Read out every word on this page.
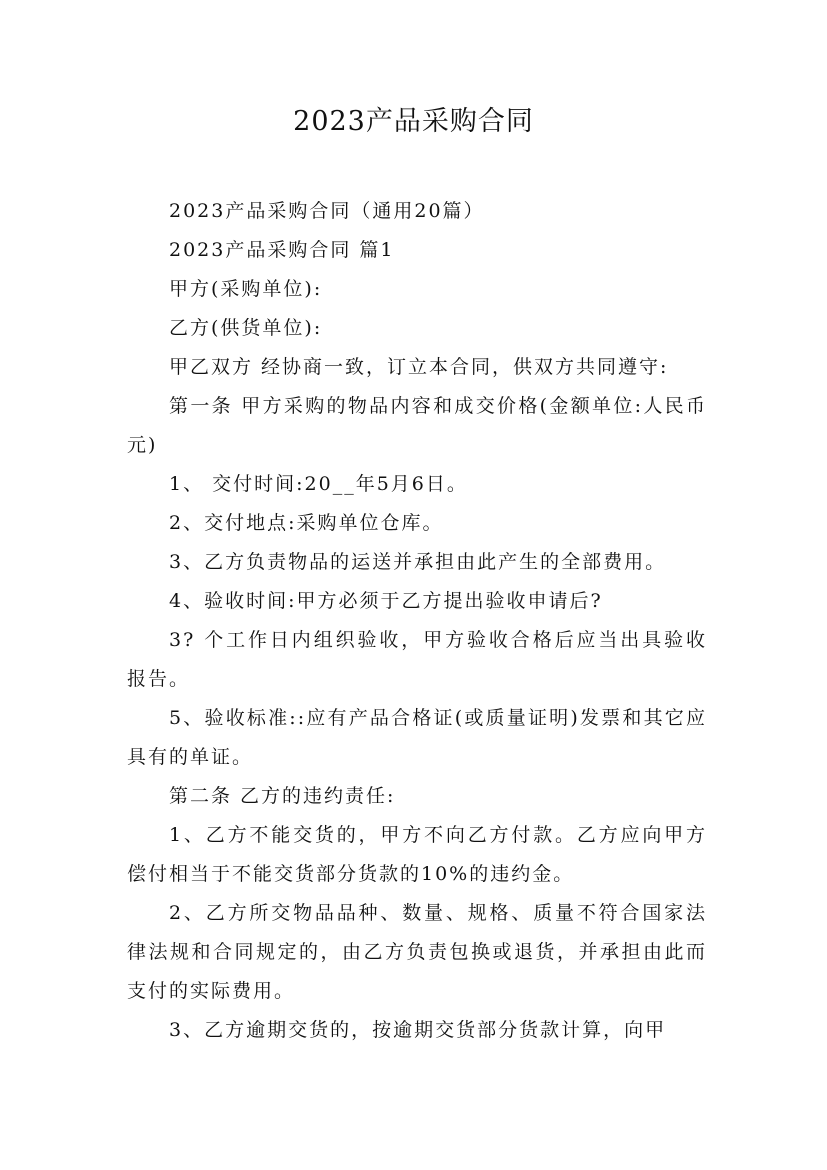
2023产品采购合同

2023产品采购合同（通用20篇）

2023产品采购合同 篇1

甲方(采购单位):

乙方(供货单位):

甲乙双方 经协商一致，订立本合同，供双方共同遵守:

第一条 甲方采购的物品内容和成交价格(金额单位:人民币元)

1、 交付时间:20__年5月6日。

2、交付地点:采购单位仓库。

3、乙方负责物品的运送并承担由此产生的全部费用。

4、验收时间:甲方必须于乙方提出验收申请后?

3? 个工作日内组织验收，甲方验收合格后应当出具验收报告。

5、验收标准::应有产品合格证(或质量证明)发票和其它应具有的单证。

第二条 乙方的违约责任:

1、乙方不能交货的，甲方不向乙方付款。乙方应向甲方偿付相当于不能交货部分货款的10%的违约金。

2、乙方所交物品品种、数量、规格、质量不符合国家法律法规和合同规定的，由乙方负责包换或退货，并承担由此而支付的实际费用。

3、乙方逾期交货的，按逾期交货部分货款计算，向甲
